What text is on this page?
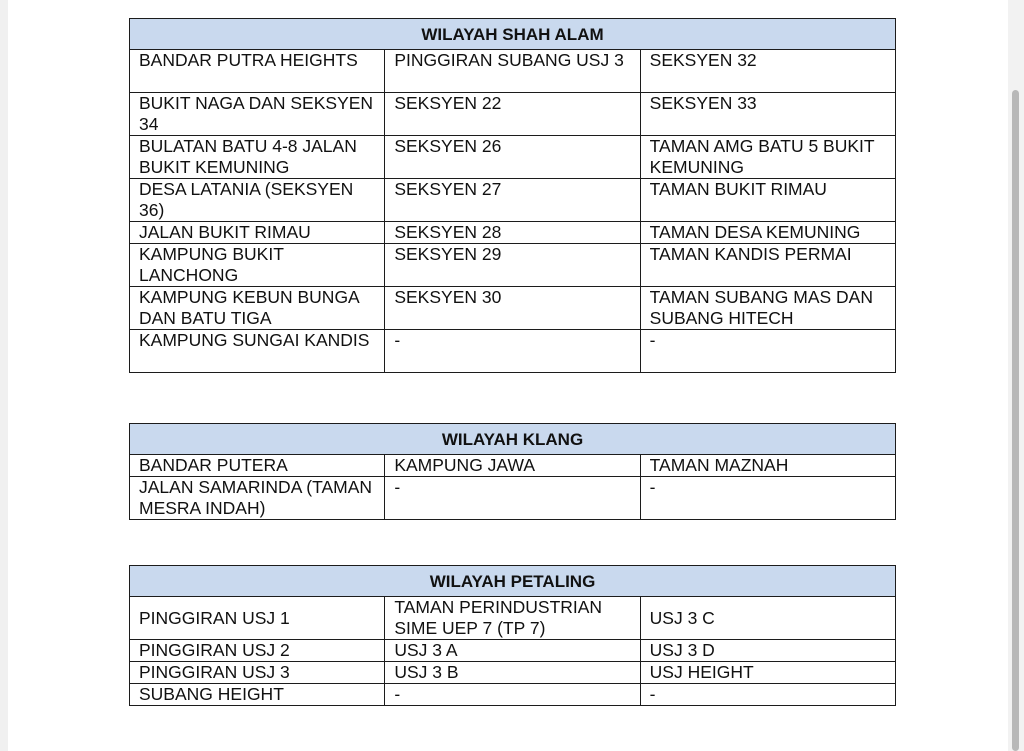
WILAYAH SHAH ALAM		
BANDAR PUTRA HEIGHTS	PINGGIRAN SUBANG USJ 3	SEKSYEN 32
BUKIT NAGA DAN SEKSYEN 34	SEKSYEN 22	SEKSYEN 33
BULATAN BATU 4-8 JALAN BUKIT KEMUNING	SEKSYEN 26	TAMAN AMG BATU 5 BUKIT KEMUNING
DESA LATANIA (SEKSYEN 36)	SEKSYEN 27	TAMAN BUKIT RIMAU
JALAN BUKIT RIMAU	SEKSYEN 28	TAMAN DESA KEMUNING
KAMPUNG BUKIT LANCHONG	SEKSYEN 29	TAMAN KANDIS PERMAI
KAMPUNG KEBUN BUNGA DAN BATU TIGA	SEKSYEN 30	TAMAN SUBANG MAS DAN SUBANG HITECH
KAMPUNG SUNGAI KANDIS	-	-
WILAYAH KLANG		
BANDAR PUTERA	KAMPUNG JAWA	TAMAN MAZNAH
JALAN SAMARINDA (TAMAN MESRA INDAH)	-	-
WILAYAH PETALING		
PINGGIRAN USJ 1	TAMAN PERINDUSTRIAN SIME UEP 7 (TP 7)	USJ 3 C
PINGGIRAN USJ 2	USJ 3 A	USJ 3 D
PINGGIRAN USJ 3	USJ 3 B	USJ HEIGHT
SUBANG HEIGHT	-	-
